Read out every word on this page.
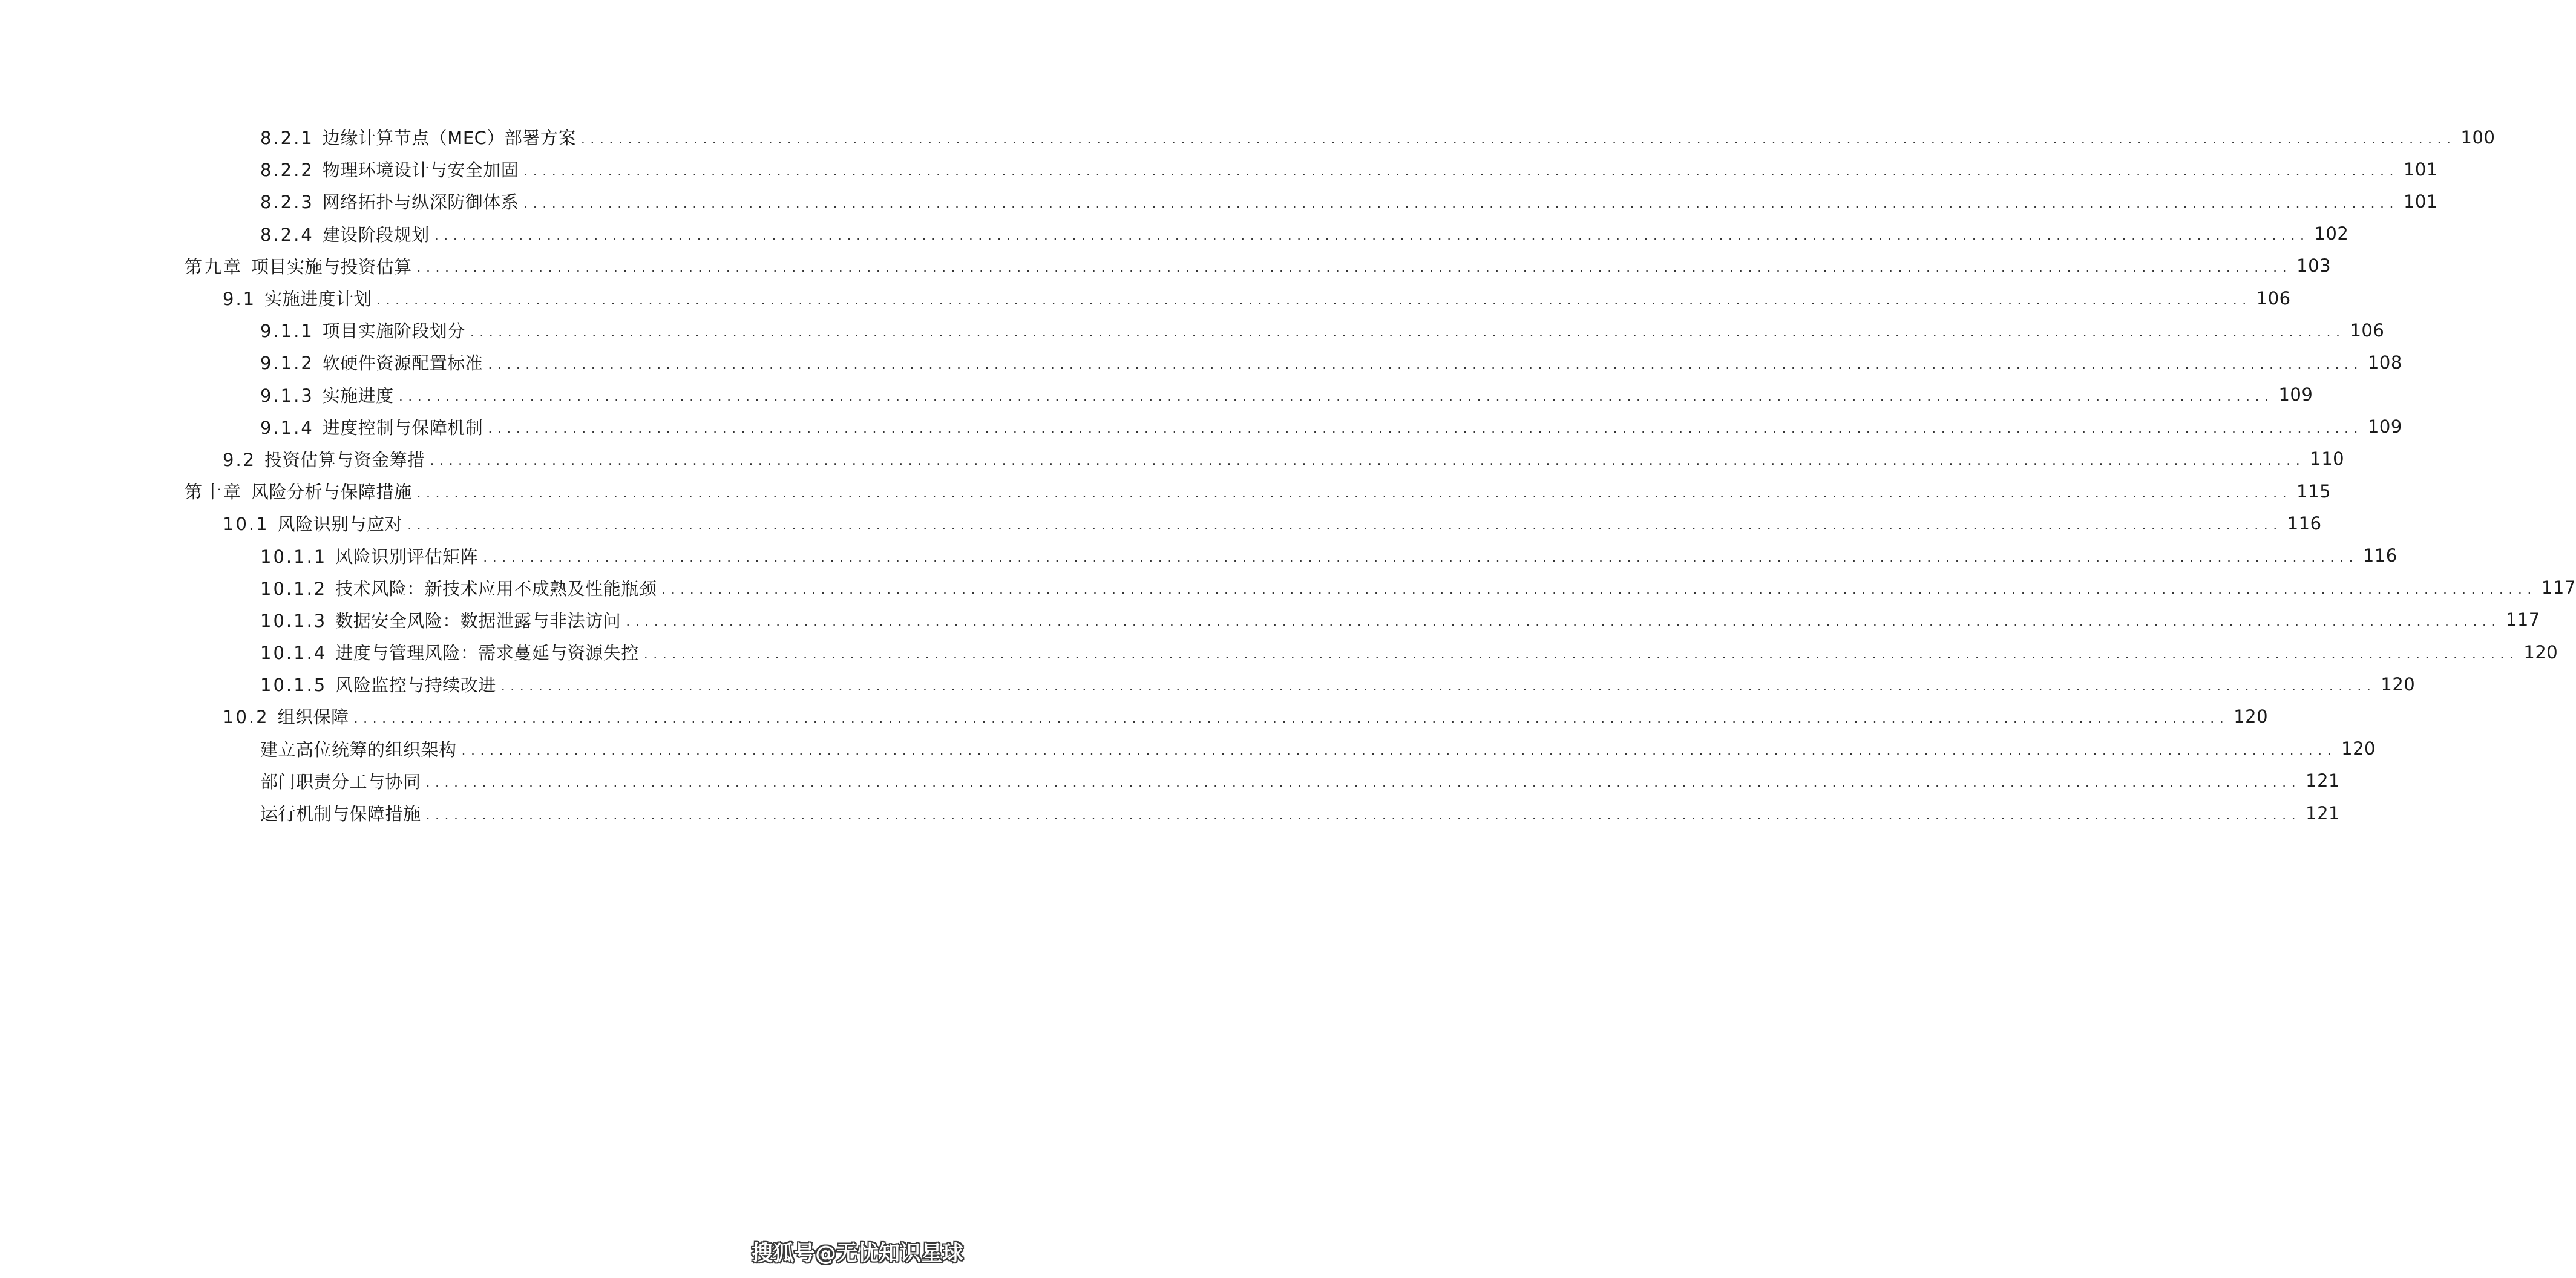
8.2.1 边缘计算节点（MEC）部署方案 ........................................................................................................................................................................................................ 100
8.2.2 物理环境设计与安全加固 ........................................................................................................................................................................................................ 101
8.2.3 网络拓扑与纵深防御体系 ........................................................................................................................................................................................................ 101
8.2.4 建设阶段规划 ........................................................................................................................................................................................................ 102
第九章 项目实施与投资估算 ........................................................................................................................................................................................................ 103
9.1 实施进度计划 ........................................................................................................................................................................................................ 106
9.1.1 项目实施阶段划分 ........................................................................................................................................................................................................ 106
9.1.2 软硬件资源配置标准 ........................................................................................................................................................................................................ 108
9.1.3 实施进度 ........................................................................................................................................................................................................ 109
9.1.4 进度控制与保障机制 ........................................................................................................................................................................................................ 109
9.2 投资估算与资金筹措 ........................................................................................................................................................................................................ 110
第十章 风险分析与保障措施 ........................................................................................................................................................................................................ 115
10.1 风险识别与应对 ........................................................................................................................................................................................................ 116
10.1.1 风险识别评估矩阵 ........................................................................................................................................................................................................ 116
10.1.2 技术风险：新技术应用不成熟及性能瓶颈 ........................................................................................................................................................................................................ 117
10.1.3 数据安全风险：数据泄露与非法访问 ........................................................................................................................................................................................................ 117
10.1.4 进度与管理风险：需求蔓延与资源失控 ........................................................................................................................................................................................................ 120
10.1.5 风险监控与持续改进 ........................................................................................................................................................................................................ 120
10.2 组织保障 ........................................................................................................................................................................................................ 120
建立高位统筹的组织架构 ........................................................................................................................................................................................................ 120
部门职责分工与协同 ........................................................................................................................................................................................................ 121
运行机制与保障措施 ........................................................................................................................................................................................................ 121
搜狐号@无忧知识星球
